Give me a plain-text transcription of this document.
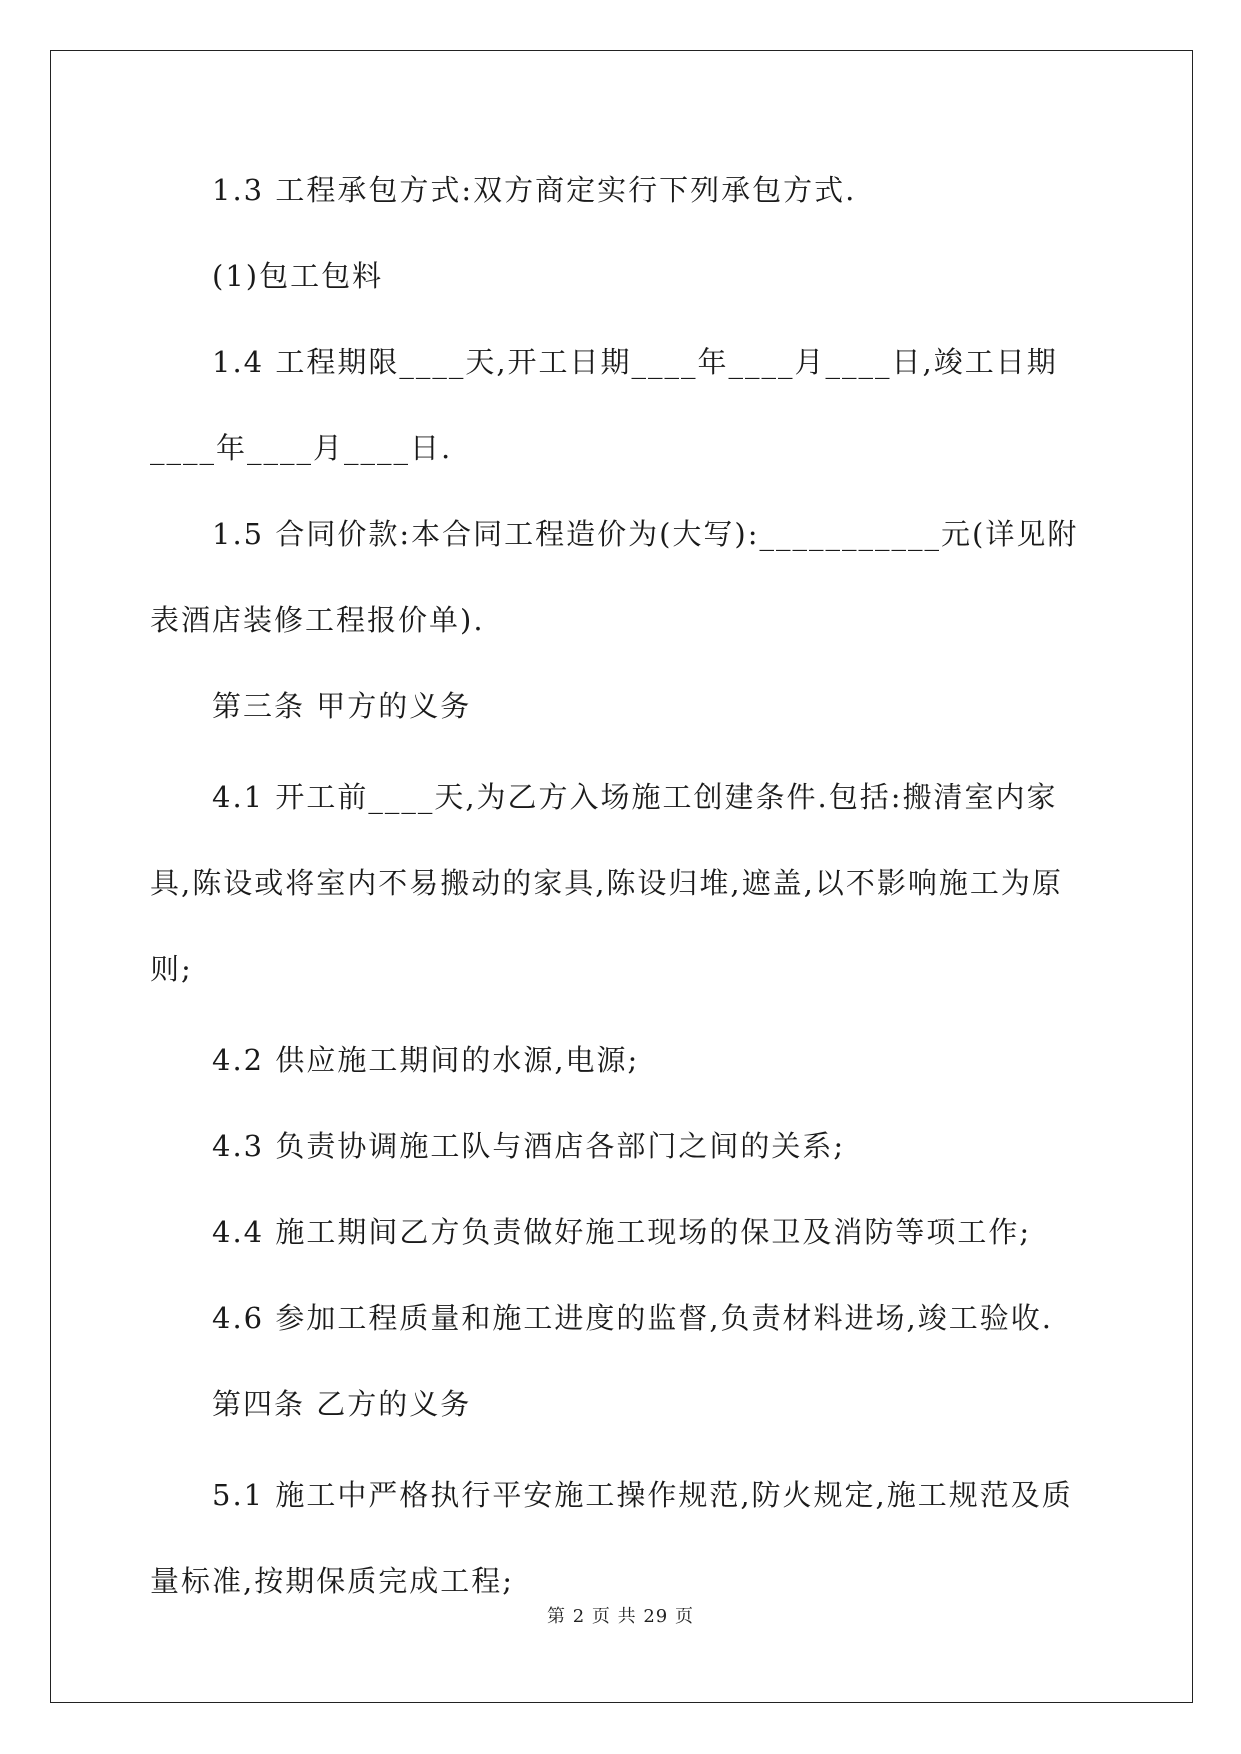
1.3 工程承包方式:双方商定实行下列承包方式.
(1)包工包料
1.4 工程期限____天,开工日期____年____月____日,竣工日期
____年____月____日.
1.5 合同价款:本合同工程造价为(大写):___________元(详见附
表酒店装修工程报价单).
第三条 甲方的义务
4.1 开工前____天,为乙方入场施工创建条件.包括:搬清室内家
具,陈设或将室内不易搬动的家具,陈设归堆,遮盖,以不影响施工为原
则;
4.2 供应施工期间的水源,电源;
4.3 负责协调施工队与酒店各部门之间的关系;
4.4 施工期间乙方负责做好施工现场的保卫及消防等项工作;
4.6 参加工程质量和施工进度的监督,负责材料进场,竣工验收.
第四条 乙方的义务
5.1 施工中严格执行平安施工操作规范,防火规定,施工规范及质
量标准,按期保质完成工程;
第 2 页 共 29 页
